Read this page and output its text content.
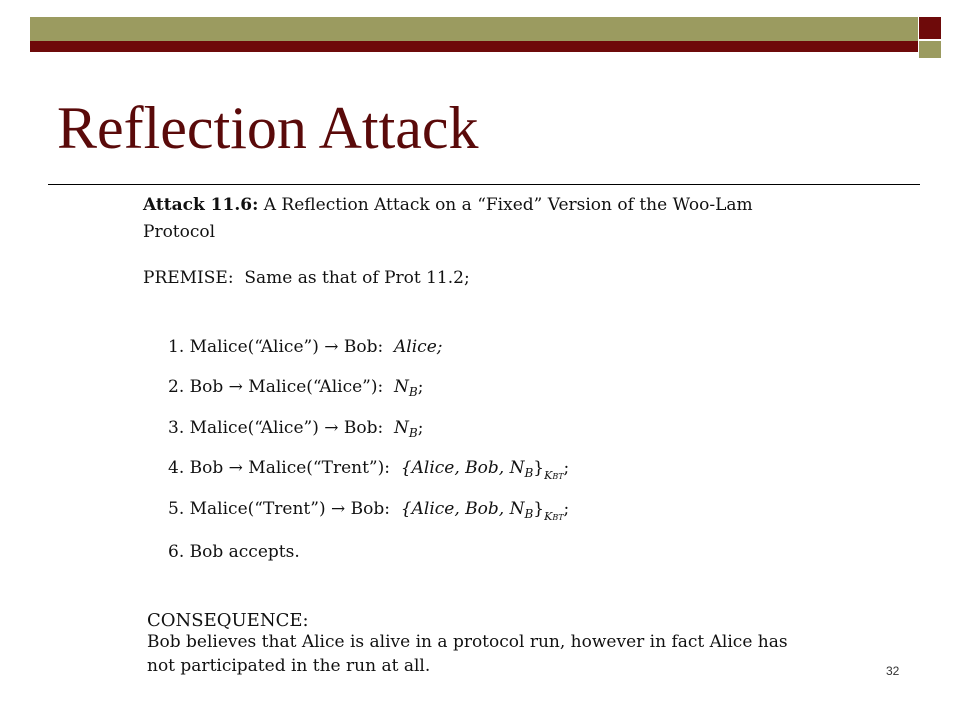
Reflection Attack
Attack 11.6: A Reflection Attack on a “Fixed” Version of the Woo-Lam
Protocol
PREMISE: Same as that of Prot 11.2;
1. Malice(“Alice”) → Bob: Alice;
2. Bob → Malice(“Alice”): $N_B$;
3. Malice(“Alice”) → Bob: $N_B$;
4. Bob → Malice(“Trent”): {Alice, Bob, $N_B\}_{KBT}$;
5. Malice(“Trent”) → Bob: {Alice, Bob, $N_B\}_{KBT}$;
6. Bob accepts.
CONSEQUENCE:
Bob believes that Alice is alive in a protocol run, however in fact Alice has
not participated in the run at all.	32
